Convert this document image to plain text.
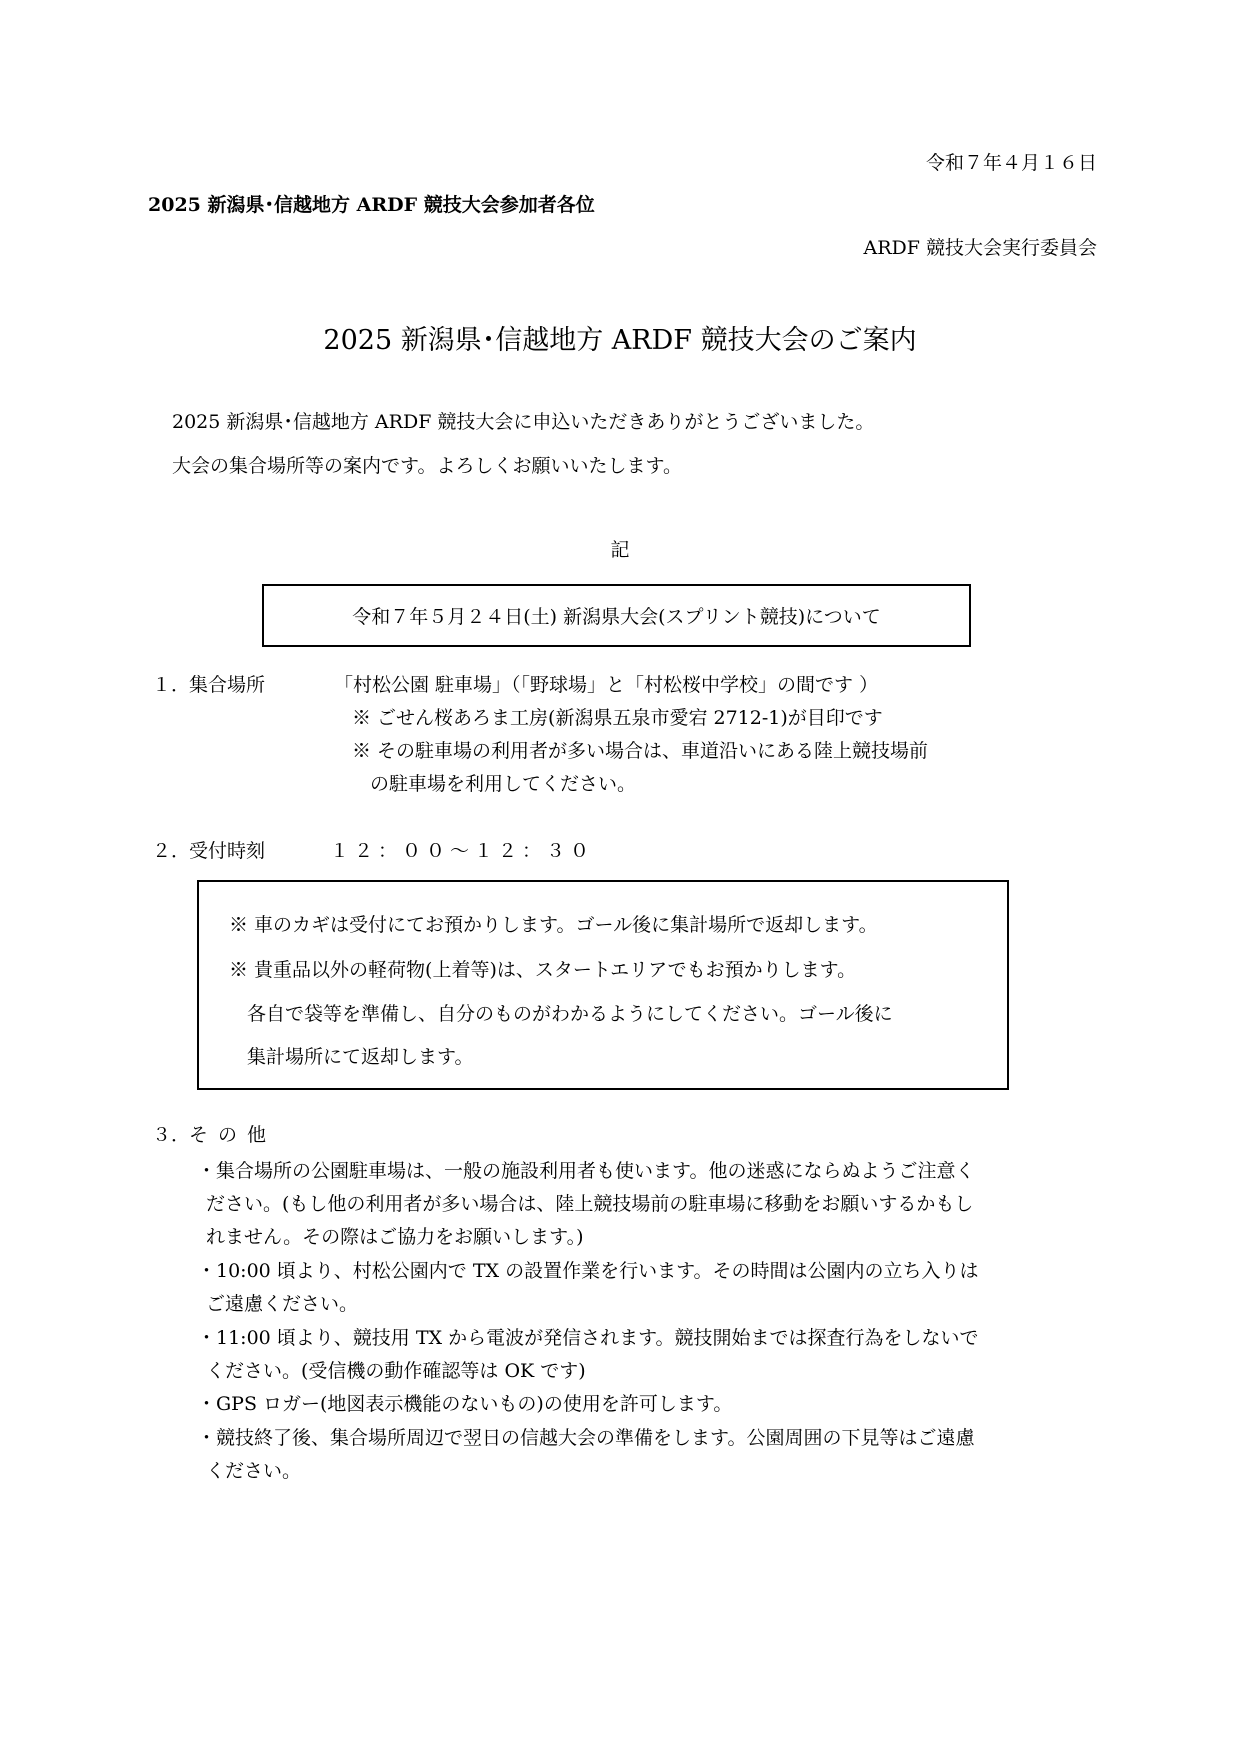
令和７年４月１６日
2025 新潟県･信越地方 ARDF 競技大会参加者各位
ARDF 競技大会実行委員会
2025 新潟県･信越地方 ARDF 競技大会のご案内
2025 新潟県･信越地方 ARDF 競技大会に申込いただきありがとうございました。
大会の集合場所等の案内です。よろしくお願いいたします。
記
令和７年５月２４日(土) 新潟県大会(スプリント競技)について
１．
集合場所	「村松公園 駐車場」（「野球場」と「村松桜中学校」の間です ）
※ ごせん桜あろま工房(新潟県五泉市愛宕 2712-1)が目印です
※ その駐車場の利用者が多い場合は、車道沿いにある陸上競技場前
の駐車場を利用してください。
２．
受付時刻	１２：００～１２：３０
※ 車のカギは受付にてお預かりします。ゴール後に集計場所で返却します。
※ 貴重品以外の軽荷物(上着等)は、スタートエリアでもお預かりします。
各自で袋等を準備し、自分のものがわかるようにしてください。ゴール後に
集計場所にて返却します。
３．
その他
・集合場所の公園駐車場は、一般の施設利用者も使います。他の迷惑にならぬようご注意く
ださい。(もし他の利用者が多い場合は、陸上競技場前の駐車場に移動をお願いするかもし
れません。その際はご協力をお願いします。)
・10:00 頃より、村松公園内で TX の設置作業を行います。その時間は公園内の立ち入りは
ご遠慮ください。
・11:00 頃より、競技用 TX から電波が発信されます。競技開始までは探査行為をしないで
ください。(受信機の動作確認等は OK です)
・GPS ロガー(地図表示機能のないもの)の使用を許可します。
・競技終了後、集合場所周辺で翌日の信越大会の準備をします。公園周囲の下見等はご遠慮
ください。
